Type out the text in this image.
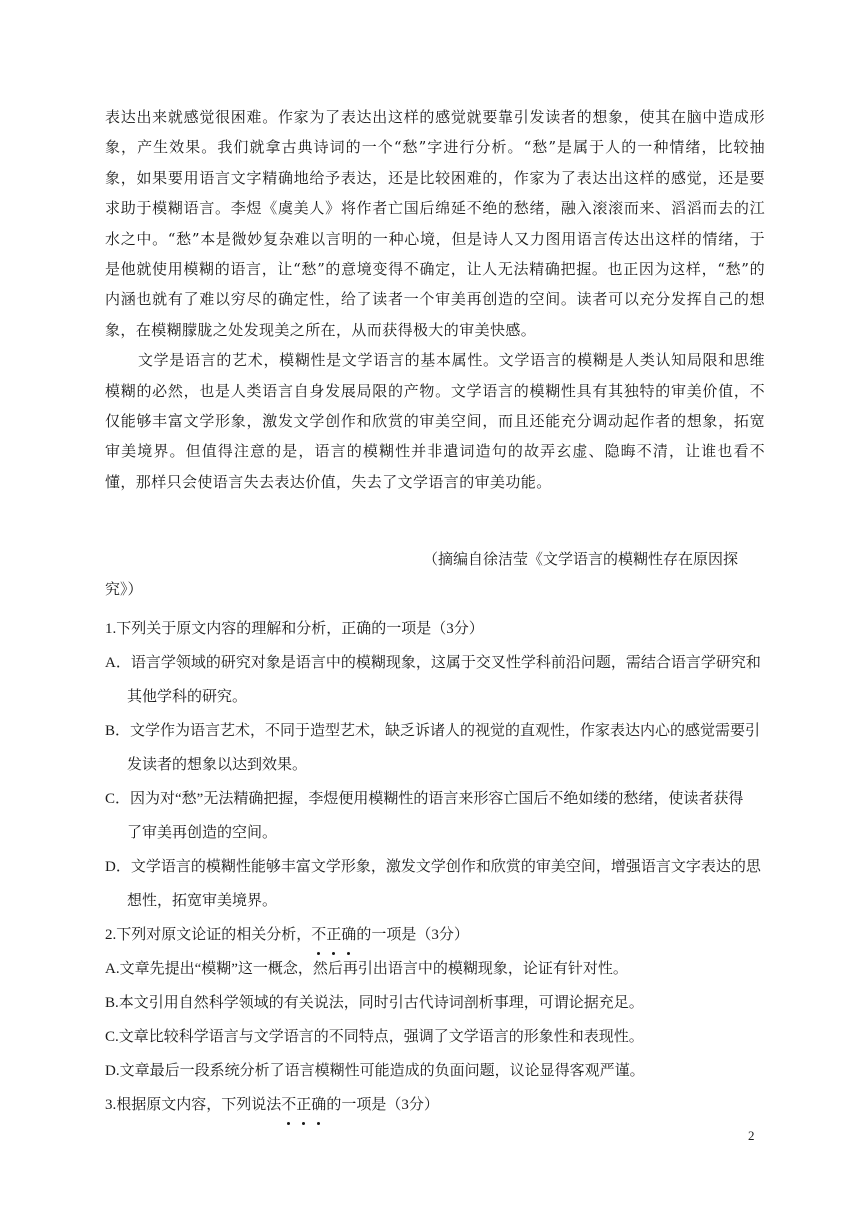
表达出来就感觉很困难。作家为了表达出这样的感觉就要靠引发读者的想象，使其在脑中造成形象，产生效果。我们就拿古典诗词的一个“愁”字进行分析。“愁”是属于人的一种情绪，比较抽象，如果要用语言文字精确地给予表达，还是比较困难的，作家为了表达出这样的感觉，还是要求助于模糊语言。李煜《虞美人》将作者亡国后绵延不绝的愁绪，融入滚滚而来、滔滔而去的江水之中。“愁”本是微妙复杂难以言明的一种心境，但是诗人又力图用语言传达出这样的情绪，于是他就使用模糊的语言，让“愁”的意境变得不确定，让人无法精确把握。也正因为这样，“愁”的内涵也就有了难以穷尽的确定性，给了读者一个审美再创造的空间。读者可以充分发挥自己的想象，在模糊朦胧之处发现美之所在，从而获得极大的审美快感。

文学是语言的艺术，模糊性是文学语言的基本属性。文学语言的模糊是人类认知局限和思维模糊的必然，也是人类语言自身发展局限的产物。文学语言的模糊性具有其独特的审美价值，不仅能够丰富文学形象，激发文学创作和欣赏的审美空间，而且还能充分调动起作者的想象，拓宽审美境界。但值得注意的是，语言的模糊性并非遣词造句的故弄玄虚、隐晦不清，让谁也看不懂，那样只会使语言失去表达价值，失去了文学语言的审美功能。

（摘编自徐洁莹《文学语言的模糊性存在原因探
究》）

1.下列关于原文内容的理解和分析，正确的一项是（3分）

A．语言学领域的研究对象是语言中的模糊现象，这属于交叉性学科前沿问题，需结合语言学研究和
其他学科的研究。

B．文学作为语言艺术，不同于造型艺术，缺乏诉诸人的视觉的直观性，作家表达内心的感觉需要引
发读者的想象以达到效果。

C．因为对“愁”无法精确把握，李煜便用模糊性的语言来形容亡国后不绝如缕的愁绪，使读者获得
了审美再创造的空间。

D．文学语言的模糊性能够丰富文学形象，激发文学创作和欣赏的审美空间，增强语言文字表达的思
想性，拓宽审美境界。

2.下列对原文论证的相关分析，不正确的一项是（3分）

A.文章先提出“模糊”这一概念，然后再引出语言中的模糊现象，论证有针对性。

B.本文引用自然科学领域的有关说法，同时引古代诗词剖析事理，可谓论据充足。

C.文章比较科学语言与文学语言的不同特点，强调了文学语言的形象性和表现性。

D.文章最后一段系统分析了语言模糊性可能造成的负面问题，议论显得客观严谨。

3.根据原文内容，下列说法不正确的一项是（3分）

2
